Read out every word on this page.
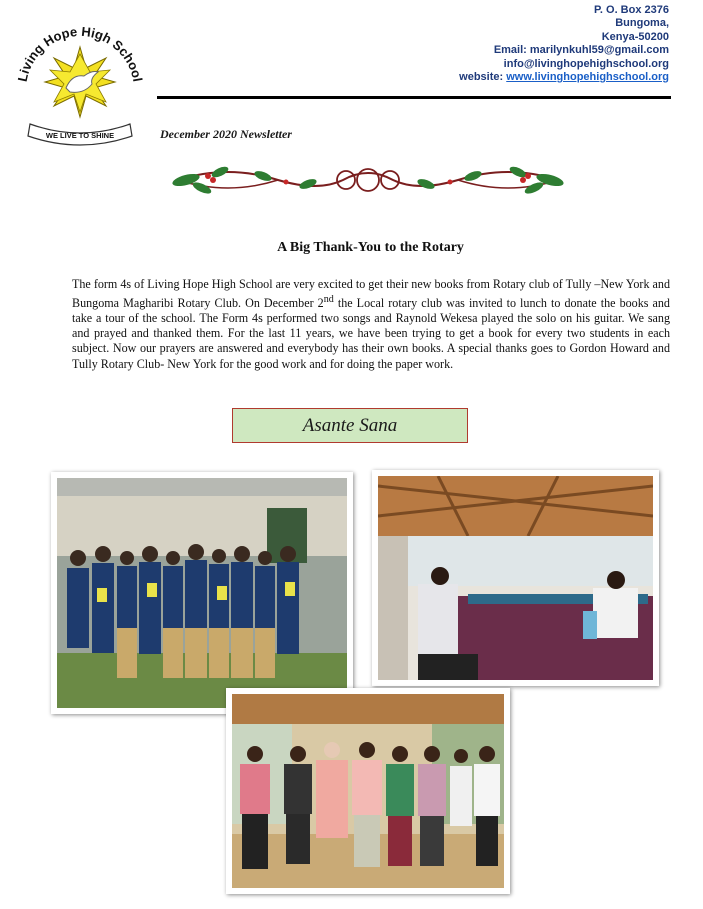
Living Hope High School
WE LIVE TO SHINE
P. O. Box 2376
Bungoma,
Kenya-50200
Email: marilynkuhl59@gmail.com
info@livinghopehighschool.org
website: www.livinghopehighschool.org
December 2020 Newsletter
A Big Thank-You to the Rotary
The form 4s of Living Hope High School are very excited to get their new books from Rotary club of Tully –New York and Bungoma Magharibi Rotary Club. On December 2nd the Local rotary club was invited to lunch to donate the books and take a tour of the school. The Form 4s performed two songs and Raynold Wekesa played the solo on his guitar. We sang and prayed and thanked them. For the last 11 years, we have been trying to get a book for every two students in each subject. Now our prayers are answered and everybody has their own books. A special thanks goes to Gordon Howard and Tully Rotary Club- New York for the good work and for doing the paper work.
Asante Sana
